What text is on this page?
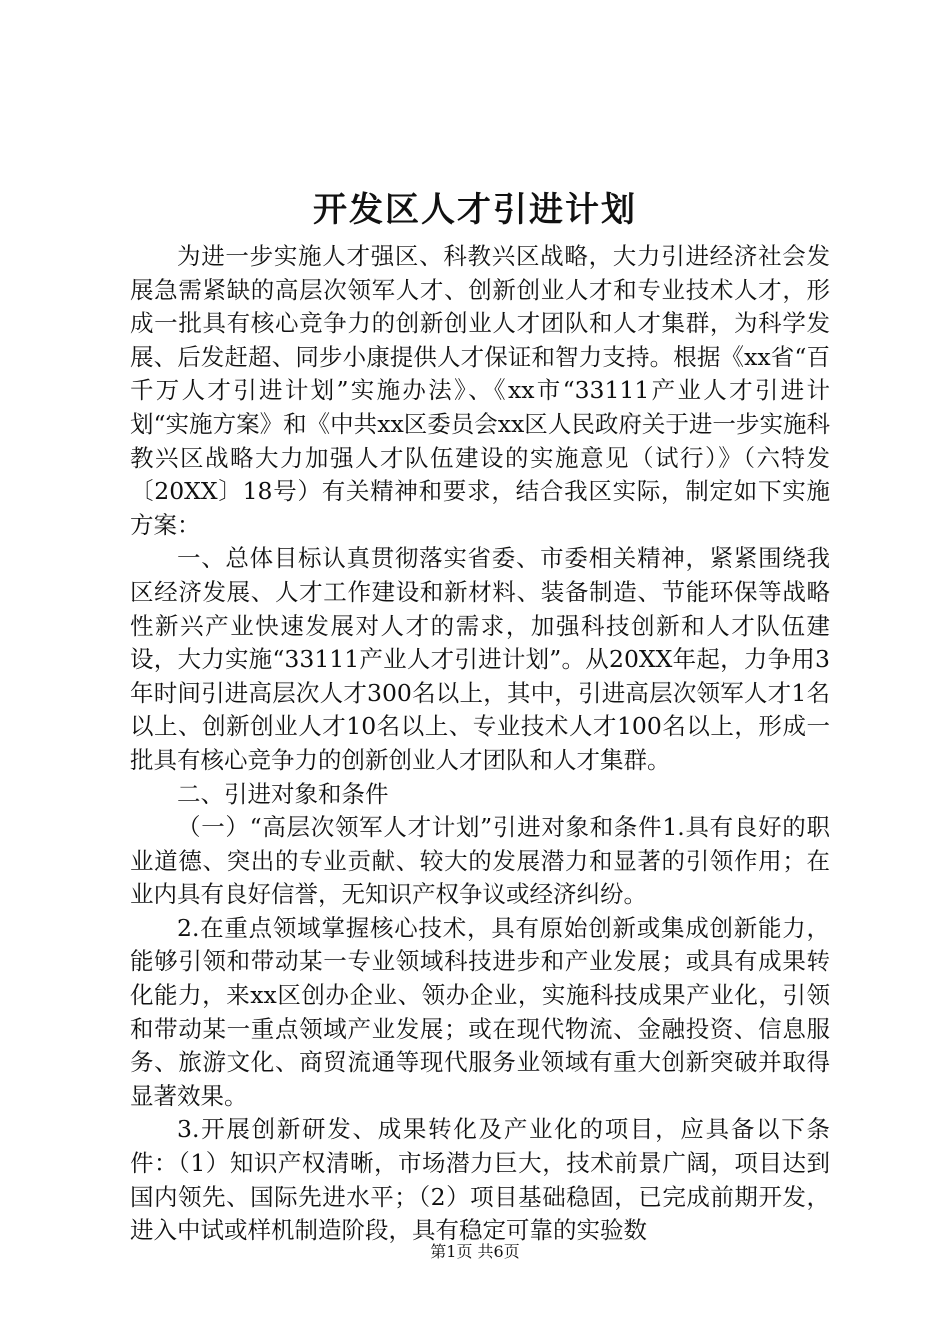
开发区人才引进计划

为进一步实施人才强区、科教兴区战略，大力引进经济社会发展急需紧缺的高层次领军人才、创新创业人才和专业技术人才，形成一批具有核心竞争力的创新创业人才团队和人才集群，为科学发展、后发赶超、同步小康提供人才保证和智力支持。根据《xx省“百千万人才引进计划”实施办法》、《xx市“33111产业人才引进计划“实施方案》和《中共xx区委员会xx区人民政府关于进一步实施科教兴区战略大力加强人才队伍建设的实施意见（试行）》（六特发〔20XX〕18号）有关精神和要求，结合我区实际，制定如下实施方案：

一、总体目标认真贯彻落实省委、市委相关精神，紧紧围绕我区经济发展、人才工作建设和新材料、装备制造、节能环保等战略性新兴产业快速发展对人才的需求，加强科技创新和人才队伍建设，大力实施“33111产业人才引进计划”。从20XX年起，力争用3年时间引进高层次人才300名以上，其中，引进高层次领军人才1名以上、创新创业人才10名以上、专业技术人才100名以上，形成一批具有核心竞争力的创新创业人才团队和人才集群。

二、引进对象和条件

（一）“高层次领军人才计划”引进对象和条件1.具有良好的职业道德、突出的专业贡献、较大的发展潜力和显著的引领作用；在业内具有良好信誉，无知识产权争议或经济纠纷。

2.在重点领域掌握核心技术，具有原始创新或集成创新能力，能够引领和带动某一专业领域科技进步和产业发展；或具有成果转化能力，来xx区创办企业、领办企业，实施科技成果产业化，引领和带动某一重点领域产业发展；或在现代物流、金融投资、信息服务、旅游文化、商贸流通等现代服务业领域有重大创新突破并取得显著效果。

3.开展创新研发、成果转化及产业化的项目，应具备以下条件：（1）知识产权清晰，市场潜力巨大，技术前景广阔，项目达到国内领先、国际先进水平；（2）项目基础稳固，已完成前期开发，进入中试或样机制造阶段，具有稳定可靠的实验数

第1页 共6页
